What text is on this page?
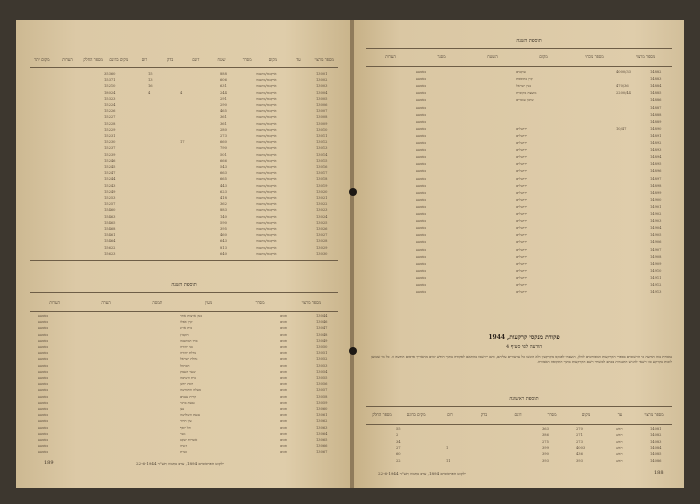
מספר מרצוי
עד
מקום
מסדר
שטח
דונם
בדק
רום
מקים בדונם
מספר החלק
הערות
מקום יתר
13001
ארקנסו/מושבה
888
15
35360
13002
ארקנסו/מושבה
606
13
15371
13003
ארקנסו/מושבה
631
16
15210
13004
ארקנסו/מושבה
244
4
4
18024
13005
ארקנסו/מושבה
291
15323
13006
ארקנסו/מושבה
290
15224
13007
ארקנסו/מושבה
465
15226
13008
ארקנסו/מושבה
361
15227
13009
ארקנסו/מושבה
361
15228
13010
ארקנסו/מושבה
280
15229
13011
ארקנסו/מושבה
273
15231
13012
ארקנסו/מושבה
660
17
15230
13013
ארקנסו/מושבה
790
15237
13014
ארקנסו/מושבה
501
15239
13015
ארקנסו/מושבה
666
15246
13016
ארקנסו/מושבה
543
15245
13017
ארקנסו/מושבה
663
15247
13018
ארקנסו/מושבה
665
15244
13019
ארקנסו/מושבה
443
15243
13020
ארקנסו/מושבה
623
15249
13021
ארקנסו/מושבה
418
15253
13022
ארקנסו/מושבה
362
15257
13023
ארקנסו/מושבה
883
15460
13024
ארקנסו/מושבה
140
15463
13025
ארקנסו/מושבה
590
15465
13026
ארקנסו/מושבה
395
15468
13027
ארקנסו/מושבה
460
15461
13028
ארקנסו/מושבה
643
15464
13029
ארקנסו/מושבה
813
15622
13030
ארקנסו/מושבה
640
15623
תוספת השנה
מספר מרצוי
מסדר
מעין
תמסה
הערה
הערות
13044
סכום
בנק ארצות אחד
באמצע
13046
סכום
קרן אפלו
באמצע
13047
סכום
בית ארוג
באמצע
13048
סכום
הקבוץ
באמצע
13049
סכום
בתי המושבה
באמצע
13050
סכום
בני יהודה
באמצע
13051
סכום
נחלת יהודה
באמצע
13052
סכום
נחלת ישראל
באמצע
13053
סכום
הכרמל
באמצע
13054
סכום
שער העמק
באמצע
13055
סכום
בית השיטה
באמצע
13056
סכום
רמת יוחנן
באמצע
13057
סכום
מעלה החמישה
באמצע
13058
סכום
קרית ענבים
באמצע
13059
סכום
גבעת ברנר
באמצע
13060
סכום
נען
באמצע
13061
סכום
גבעת השלושה
באמצע
13062
סכום
עין חרוד
באמצע
13063
סכום
תל יוסף
באמצע
13064
סכום
גשר
באמצע
13065
סכום
אשדות יעקב
באמצע
13066
סכום
דגניה
באמצע
13067
סכום
כנרת
באמצע
189	ילקוט הפרסומים 1894, ערב בתמוז תש"ד 22-6-1944
תוספת השנה
מספר מרצוי
מספר נוכחי
מקום
השטח
מסגר
הערות
14882
4000/33
עוקבים
באמצע
14883
קרן בתוספת
באמצע
14884
470/36
בנין ישראל
באמצע
14885
2200/44
מועצה מקומית
באמצע
14886
שיכון עובדים
באמצע
14887
באמצע
14888
באמצע
14889
באמצע
14890
10/47
ירושלים
באמצע
14891
ירושלים
באמצע
14892
ירושלים
באמצע
14893
ירושלים
באמצע
14894
ירושלים
באמצע
14895
ירושלים
באמצע
14896
ירושלים
באמצע
14897
ירושלים
באמצע
14898
ירושלים
באמצע
14899
ירושלים
באמצע
14900
ירושלים
באמצע
14901
ירושלים
באמצע
14902
ירושלים
באמצע
14903
ירושלים
באמצע
14904
ירושלים
באמצע
14905
ירושלים
באמצע
14906
ירושלים
באמצע
14907
ירושלים
באמצע
14908
ירושלים
באמצע
14909
ירושלים
באמצע
14910
ירושלים
באמצע
14911
ירושלים
באמצע
14912
ירושלים
באמצע
14913
ירושלים
באמצע
פקודת מנקסי קרקעות, 1944
הודעה לפי סעיף 4
נמסרת בזה הודעה כי הרשומים בספרי הקרקעות המפורטים להלן, הועברו לפנקס מקרקעין ולא הוגשו כל ערעורים עליהם, והם יירשמו בהתאם לפקודה בתוך חודש ימים מתאריך פרסום הודעה זו. כל מי שטוען לזכות בקרקע כזו רשאי להגיש התנגדות בכתב למשרד רשם הקרקעות בתוך התקופה האמורה.
תוספת ראשונה
מספר מרצוי
עד
מקום
מסדר
דונם
בדק
רום
מקים בדונם
מספר החלק
14081
ראש
270
363
55
14082
ראש
271
386
2
14083
ראש
273
275
34
14084
ראש
4003
399
1
27
14085
ראש
436
390
60
14086
ראש
393
393
11
22
188
ילקוט הפרסומים 1894, ערב בתמוז תש"ד 22-6-1944
